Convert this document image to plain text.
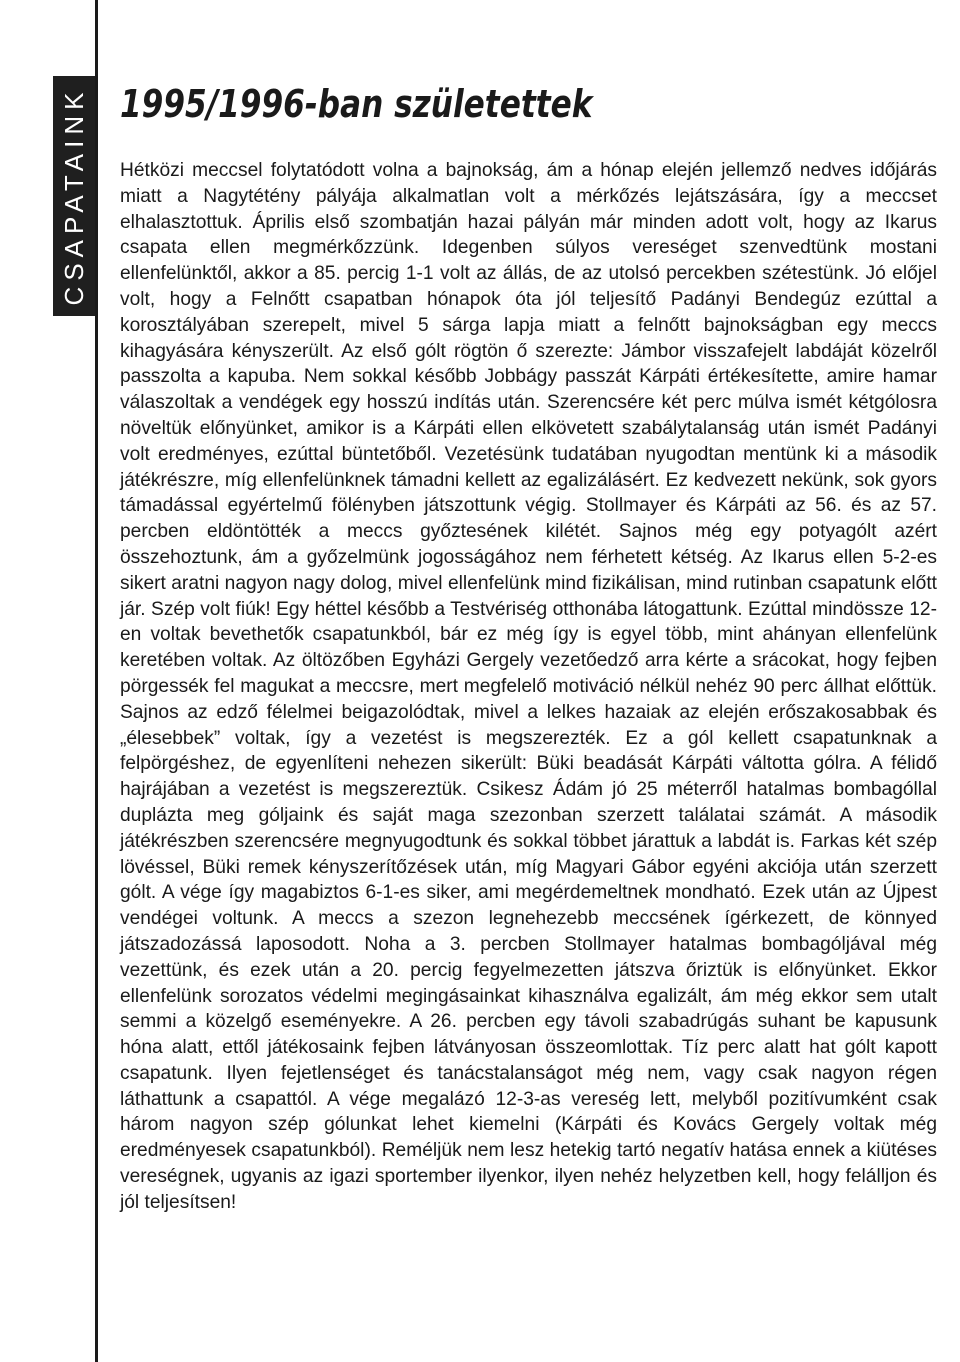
CSAPATAINK 1995/1996-ban születettek

Hétközi meccsel folytatódott volna a bajnokság, ám a hónap elején jellemző nedves időjárás miatt a Nagytétény pályája alkalmatlan volt a mérkőzés lejátszására, így a meccset elhalasztottuk. Április első szombatján hazai pályán már minden adott volt, hogy az Ikarus csapata ellen megmérkőzzünk. Idegenben súlyos vereséget szenvedtünk mostani ellenfelünktől, akkor a 85. percig 1-1 volt az állás, de az utolsó percekben szétestünk. Jó előjel volt, hogy a Felnőtt csapatban hónapok óta jól teljesítő Padányi Bendegúz ezúttal a korosztályában szerepelt, mivel 5 sárga lapja miatt a felnőtt bajnokságban egy meccs kihagyására kényszerült. Az első gólt rögtön ő szerezte: Jámbor visszafejelt labdáját közelről passzolta a kapuba. Nem sokkal később Jobbágy passzát Kárpáti értékesítette, amire hamar válaszoltak a vendégek egy hosszú indítás után. Szerencsére két perc múlva ismét kétgólosra növeltük előnyünket, amikor is a Kárpáti ellen elkövetett szabálytalanság után ismét Padányi volt eredményes, ezúttal büntetőből. Vezetésünk tudatában nyugodtan mentünk ki a második játékrészre, míg ellenfelünknek támadni kellett az egalizálásért. Ez kedvezett nekünk, sok gyors támadással egyértelmű fölényben játszottunk végig. Stollmayer és Kárpáti az 56. és az 57. percben eldöntötték a meccs győztesének kilétét. Sajnos még egy potyagólt azért összehoztunk, ám a győzelmünk jogosságához nem férhetett kétség. Az Ikarus ellen 5-2-es sikert aratni nagyon nagy dolog, mivel ellenfelünk mind fizikálisan, mind rutinban csapatunk előtt jár. Szép volt fiúk! Egy héttel később a Testvériség otthonába látogattunk. Ezúttal mindössze 12-en voltak bevethetők csapatunkból, bár ez még így is egyel több, mint ahányan ellenfelünk keretében voltak. Az öltözőben Egyházi Gergely vezetőedző arra kérte a srácokat, hogy fejben pörgessék fel magukat a meccsre, mert megfelelő motiváció nélkül nehéz 90 perc állhat előttük. Sajnos az edző félelmei beigazolódtak, mivel a lelkes hazaiak az elején erőszakosabbak és „élesebbek” voltak, így a vezetést is megszerezték. Ez a gól kellett csapatunknak a felpörgéshez, de egyenlíteni nehezen sikerült: Büki beadását Kárpáti váltotta gólra. A félidő hajrájában a vezetést is megszereztük. Csikesz Ádám jó 25 méterről hatalmas bombagóllal duplázta meg góljaink és saját maga szezonban szerzett találatai számát. A második játékrészben szerencsére megnyugodtunk és sokkal többet járattuk a labdát is. Farkas két szép lövéssel, Büki remek kényszerítőzések után, míg Magyari Gábor egyéni akciója után szerzett gólt. A vége így magabiztos 6-1-es siker, ami megérdemeltnek mondható. Ezek után az Újpest vendégei voltunk. A meccs a szezon legnehezebb meccsének ígérkezett, de könnyed játszadozássá laposodott. Noha a 3. percben Stollmayer hatalmas bombagóljával még vezettünk, és ezek után a 20. percig fegyelmezetten játszva őriztük is előnyünket. Ekkor ellenfelünk sorozatos védelmi megingásainkat kihasználva egalizált, ám még ekkor sem utalt semmi a közelgő eseményekre. A 26. percben egy távoli szabadrúgás suhant be kapusunk hóna alatt, ettől játékosaink fejben látványosan összeomlottak. Tíz perc alatt hat gólt kapott csapatunk. Ilyen fejetlenséget és tanácstalanságot még nem, vagy csak nagyon régen láthattunk a csapattól. A vége megalázó 12-3-as vereség lett, melyből pozitívumként csak három nagyon szép gólunkat lehet kiemelni (Kárpáti és Kovács Gergely voltak még eredményesek csapatunkból). Reméljük nem lesz hetekig tartó negatív hatása ennek a kiütéses vereségnek, ugyanis az igazi sportember ilyenkor, ilyen nehéz helyzetben kell, hogy felálljon és jól teljesítsen!
